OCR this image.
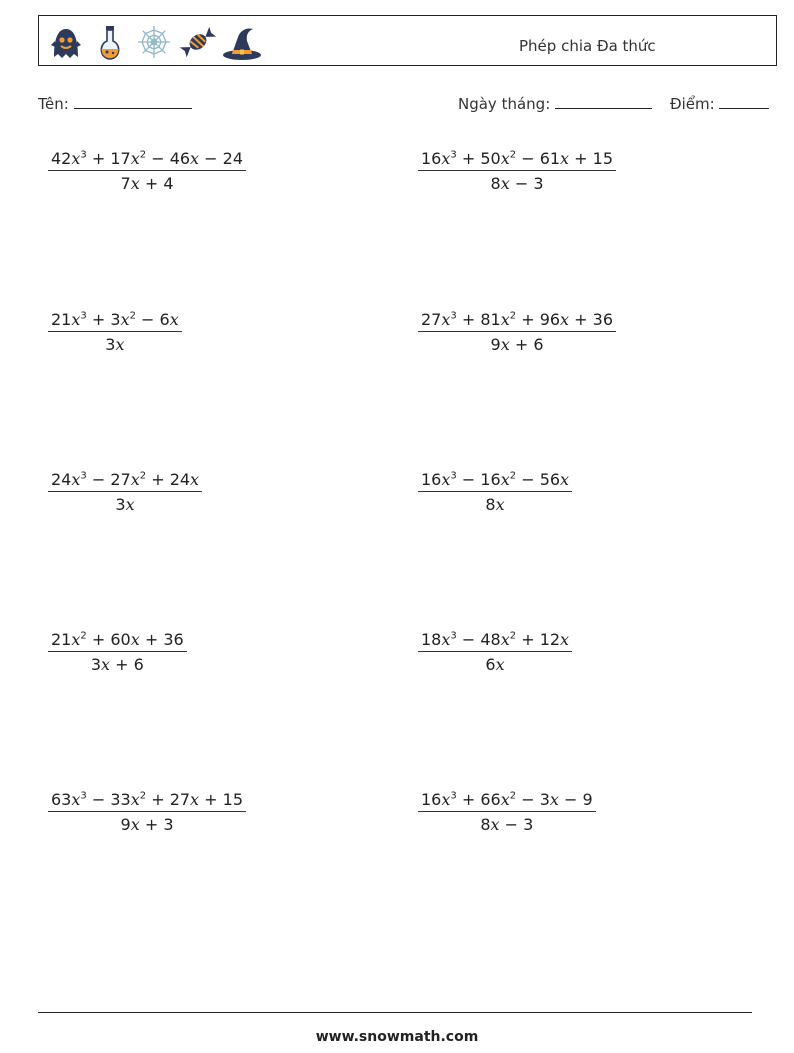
Phép chia Đa thức
Tên:	Ngày tháng:	Điểm:
$\frac{42x^3 + 17x^2 - 46x - 24}{7x + 4}$	$\frac{16x^3 + 50x^2 - 61x + 15}{8x - 3}$
$\frac{21x^3 + 3x^2 - 6x}{3x}$	$\frac{27x^3 + 81x^2 + 96x + 36}{9x + 6}$
$\frac{24x^3 - 27x^2 + 24x}{3x}$	$\frac{16x^3 - 16x^2 - 56x}{8x}$
$\frac{21x^2 + 60x + 36}{3x + 6}$	$\frac{18x^3 - 48x^2 + 12x}{6x}$
$\frac{63x^3 - 33x^2 + 27x + 15}{9x + 3}$	$\frac{16x^3 + 66x^2 - 3x - 9}{8x - 3}$
www.snowmath.com
